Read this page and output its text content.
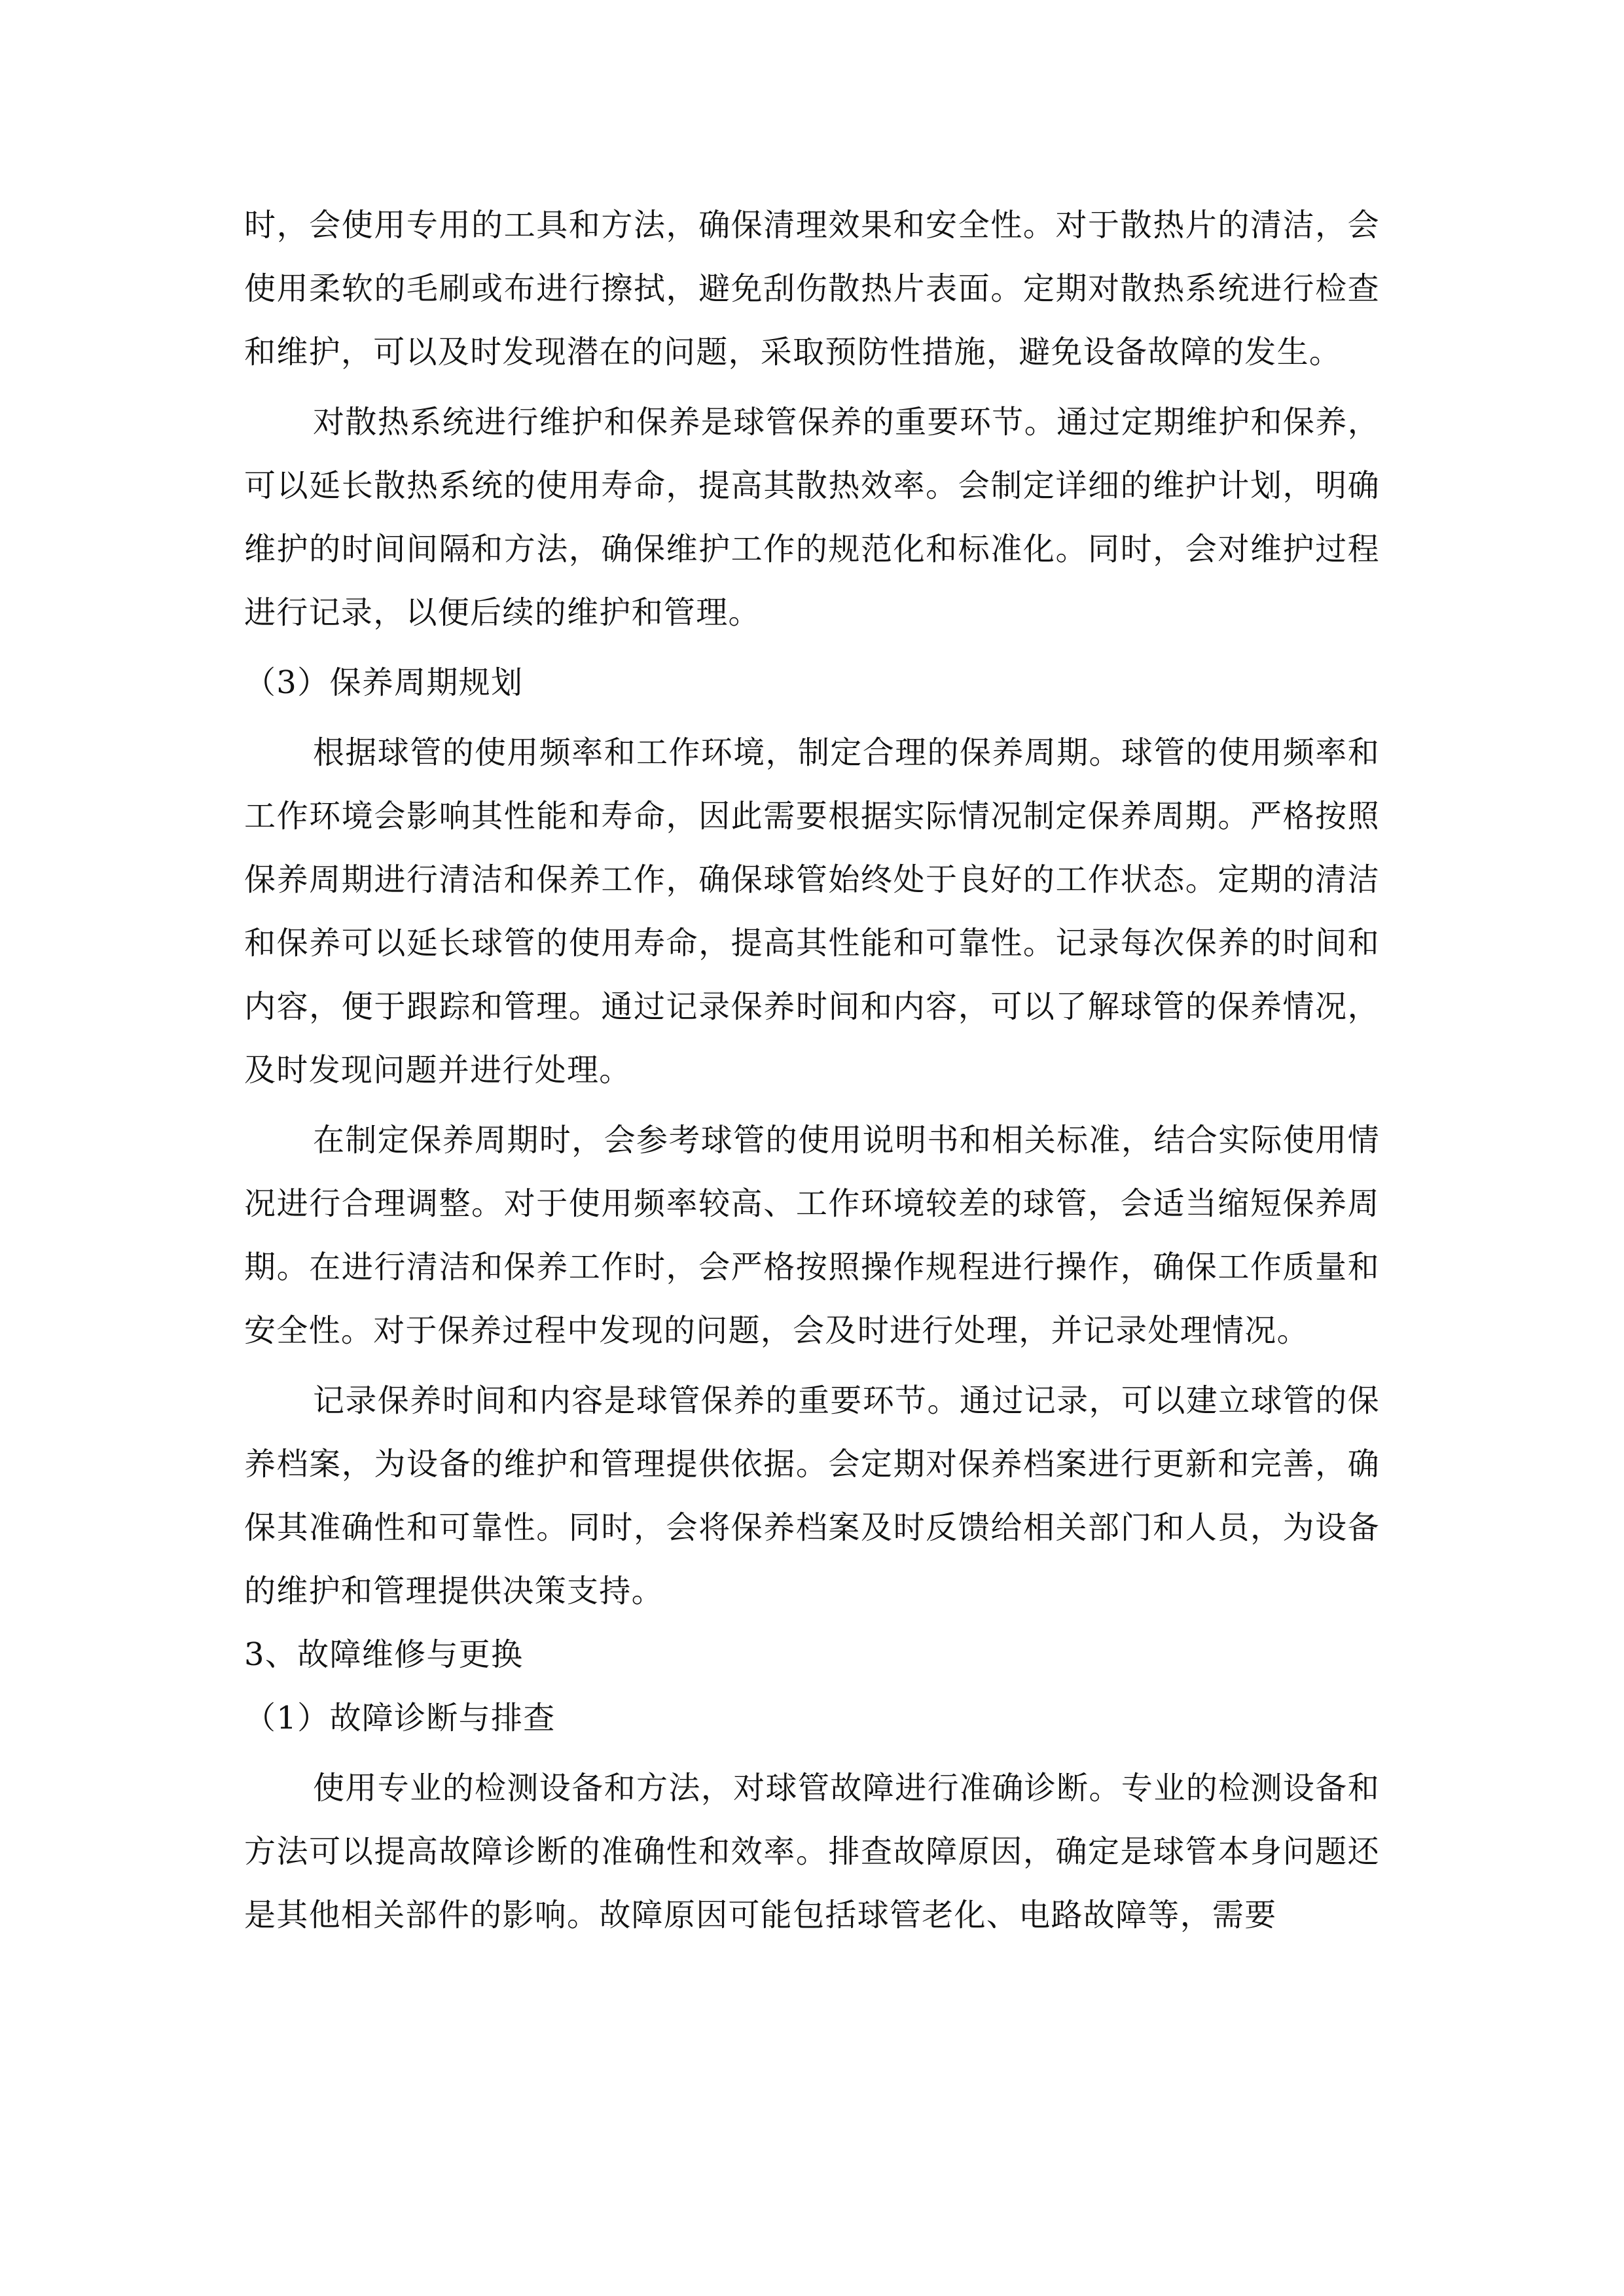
时，会使用专用的工具和方法，确保清理效果和安全性。对于散热片的清洁，会使用柔软的毛刷或布进行擦拭，避免刮伤散热片表面。定期对散热系统进行检查和维护，可以及时发现潜在的问题，采取预防性措施，避免设备故障的发生。

对散热系统进行维护和保养是球管保养的重要环节。通过定期维护和保养，可以延长散热系统的使用寿命，提高其散热效率。会制定详细的维护计划，明确维护的时间间隔和方法，确保维护工作的规范化和标准化。同时，会对维护过程进行记录，以便后续的维护和管理。

（3）保养周期规划

根据球管的使用频率和工作环境，制定合理的保养周期。球管的使用频率和工作环境会影响其性能和寿命，因此需要根据实际情况制定保养周期。严格按照保养周期进行清洁和保养工作，确保球管始终处于良好的工作状态。定期的清洁和保养可以延长球管的使用寿命，提高其性能和可靠性。记录每次保养的时间和内容，便于跟踪和管理。通过记录保养时间和内容，可以了解球管的保养情况，及时发现问题并进行处理。

在制定保养周期时，会参考球管的使用说明书和相关标准，结合实际使用情况进行合理调整。对于使用频率较高、工作环境较差的球管，会适当缩短保养周期。在进行清洁和保养工作时，会严格按照操作规程进行操作，确保工作质量和安全性。对于保养过程中发现的问题，会及时进行处理，并记录处理情况。

记录保养时间和内容是球管保养的重要环节。通过记录，可以建立球管的保养档案，为设备的维护和管理提供依据。会定期对保养档案进行更新和完善，确保其准确性和可靠性。同时，会将保养档案及时反馈给相关部门和人员，为设备的维护和管理提供决策支持。

3、故障维修与更换

（1）故障诊断与排查

使用专业的检测设备和方法，对球管故障进行准确诊断。专业的检测设备和方法可以提高故障诊断的准确性和效率。排查故障原因，确定是球管本身问题还是其他相关部件的影响。故障原因可能包括球管老化、电路故障等，需要
